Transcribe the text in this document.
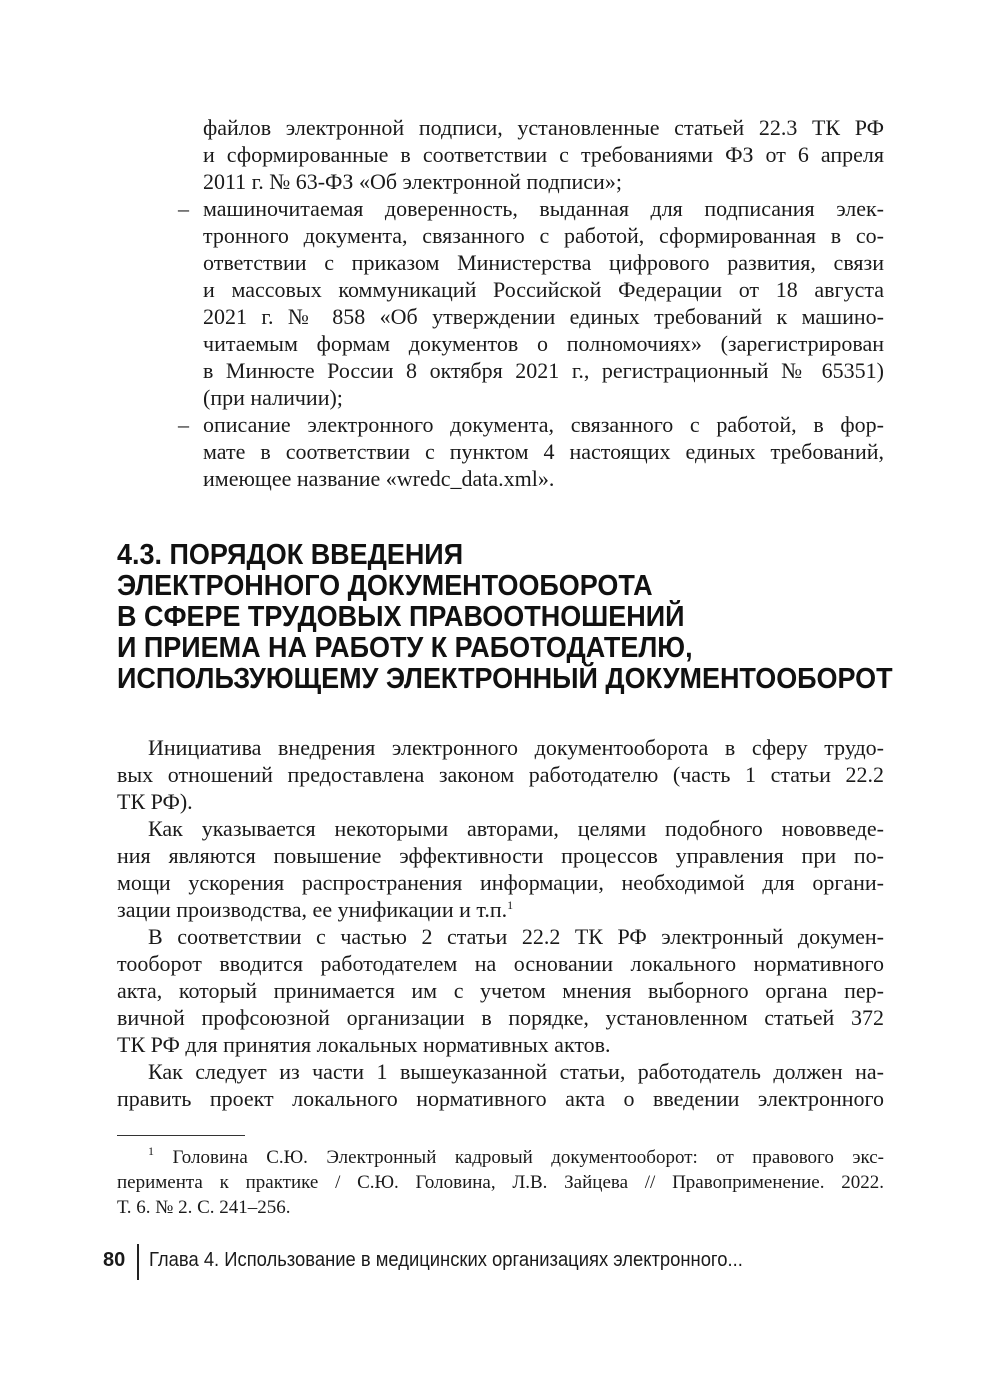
файлов электронной подписи, установленные статьей 22.3 ТК РФ
и сформированные в соответствии с требованиями ФЗ от 6 апреля
2011 г. № 63-ФЗ «Об электронной подписи»;
– машиночитаемая доверенность, выданная для подписания элек-
тронного документа, связанного с работой, сформированная в со-
ответствии с приказом Министерства цифрового развития, связи
и массовых коммуникаций Российской Федерации от 18 августа
2021 г. № 858 «Об утверждении единых требований к машино-
читаемым формам документов о полномочиях» (зарегистрирован
в Минюсте России 8 октября 2021 г., регистрационный № 65351)
(при наличии);
– описание электронного документа, связанного с работой, в фор-
мате в соответствии с пунктом 4 настоящих единых требований,
имеющее название «wredc_data.xml».
4.3. ПОРЯДОК ВВЕДЕНИЯ
ЭЛЕКТРОННОГО ДОКУМЕНТООБОРОТА
В СФЕРЕ ТРУДОВЫХ ПРАВООТНОШЕНИЙ
И ПРИЕМА НА РАБОТУ К РАБОТОДАТЕЛЮ,
ИСПОЛЬЗУЮЩЕМУ ЭЛЕКТРОННЫЙ ДОКУМЕНТООБОРОТ
Инициатива внедрения электронного документооборота в сферу трудо-
вых отношений предоставлена законом работодателю (часть 1 статьи 22.2
ТК РФ).
Как указывается некоторыми авторами, целями подобного нововведе-
ния являются повышение эффективности процессов управления при по-
мощи ускорения распространения информации, необходимой для органи-
зации производства, ее унификации и т.п.$^1$
В соответствии с частью 2 статьи 22.2 ТК РФ электронный докумен-
тооборот вводится работодателем на основании локального нормативного
акта, который принимается им с учетом мнения выборного органа пер-
вичной профсоюзной организации в порядке, установленном статьей 372
ТК РФ для принятия локальных нормативных актов.
Как следует из части 1 вышеуказанной статьи, работодатель должен на-
править проект локального нормативного акта о введении электронного
$^1$ Головина С.Ю. Электронный кадровый документооборот: от правового экс-
перимента к практике / С.Ю. Головина, Л.В. Зайцева // Правоприменение. 2022.
Т. 6. № 2. С. 241–256.
80 Глава 4. Использование в медицинских организациях электронного...
